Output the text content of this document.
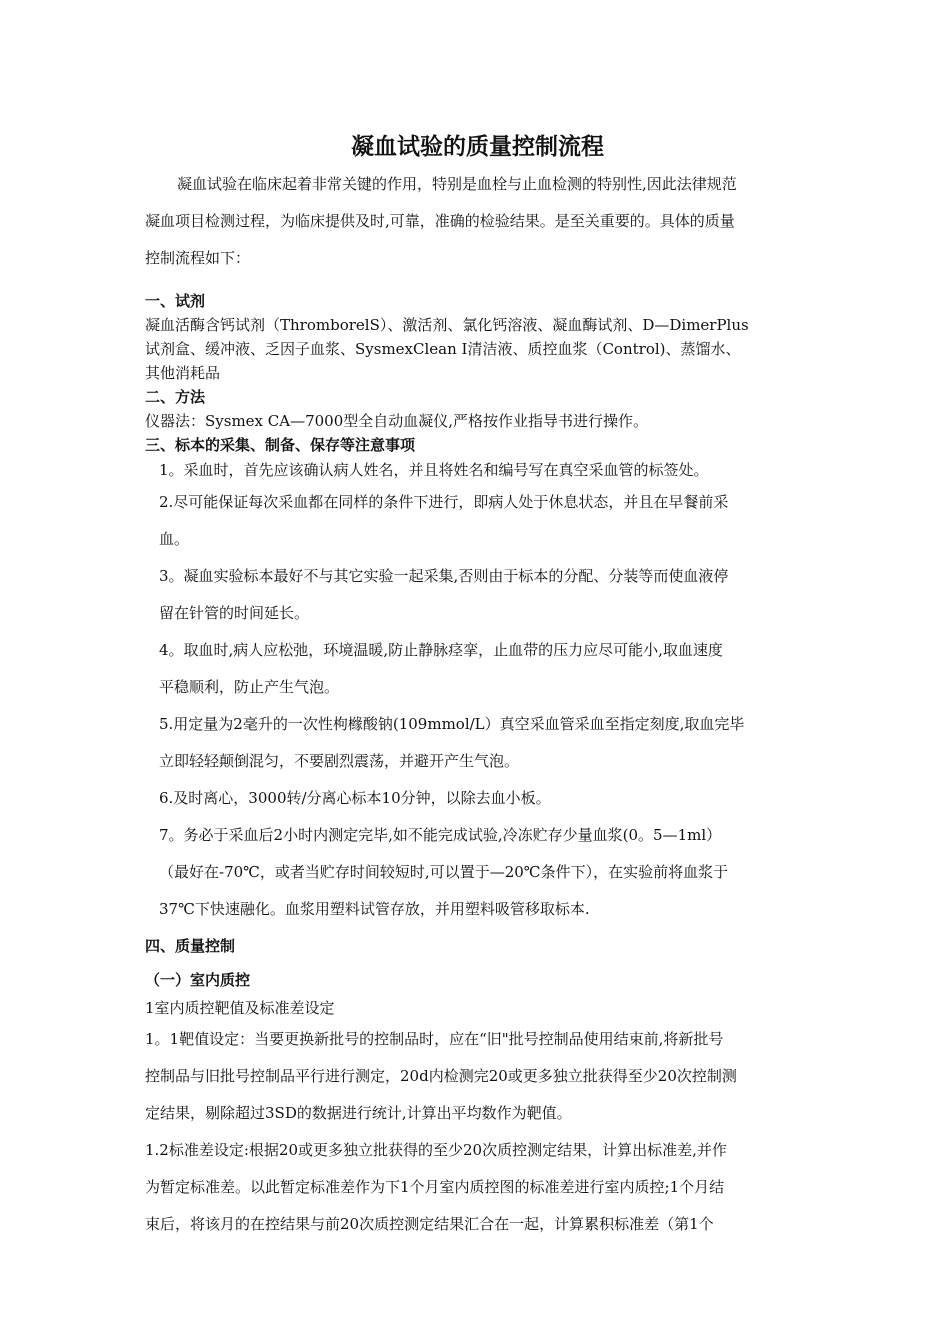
凝血试验的质量控制流程
凝血试验在临床起着非常关键的作用，特别是血栓与止血检测的特别性,因此法律规范
凝血项目检测过程，为临床提供及时,可靠，准确的检验结果。是至关重要的。具体的质量
控制流程如下：
一、试剂
凝血活酶含钙试剂（ThromborelS）、激活剂、氯化钙溶液、凝血酶试剂、D—DimerPlus
试剂盒、缓冲液、乏因子血浆、SysmexClean Ⅰ清洁液、质控血浆（Control)、蒸馏水、
其他消耗品
二、方法
仪器法：Sysmex CA—7000型全自动血凝仪,严格按作业指导书进行操作。
三、标本的采集、制备、保存等注意事项
1。采血时，首先应该确认病人姓名，并且将姓名和编号写在真空采血管的标签处。
2.尽可能保证每次采血都在同样的条件下进行，即病人处于休息状态，并且在早餐前采
血。
3。凝血实验标本最好不与其它实验一起采集,否则由于标本的分配、分装等而使血液停
留在针管的时间延长。
4。取血时,病人应松弛，环境温暖,防止静脉痉挛，止血带的压力应尽可能小,取血速度
平稳顺利，防止产生气泡。
5.用定量为2毫升的一次性枸橼酸钠(109mmol/L）真空采血管采血至指定刻度,取血完毕
立即轻轻颠倒混匀，不要剧烈震荡，并避开产生气泡。
6.及时离心，3000转/分离心标本10分钟，以除去血小板。
7。务必于采血后2小时内测定完毕,如不能完成试验,冷冻贮存少量血浆(0。5—1ml）
（最好在-70℃，或者当贮存时间较短时,可以置于—20℃条件下），在实验前将血浆于
37℃下快速融化。血浆用塑料试管存放，并用塑料吸管移取标本.
四、质量控制
（一）室内质控
1室内质控靶值及标准差设定
1。1靶值设定：当要更换新批号的控制品时，应在“旧"批号控制品使用结束前,将新批号
控制品与旧批号控制品平行进行测定，20d内检测完20或更多独立批获得至少20次控制测
定结果，剔除超过3SD的数据进行统计,计算出平均数作为靶值。
1.2标准差设定:根据20或更多独立批获得的至少20次质控测定结果，计算出标准差,并作
为暂定标准差。以此暂定标准差作为下1个月室内质控图的标准差进行室内质控;1个月结
束后，将该月的在控结果与前20次质控测定结果汇合在一起，计算累积标准差（第1个
